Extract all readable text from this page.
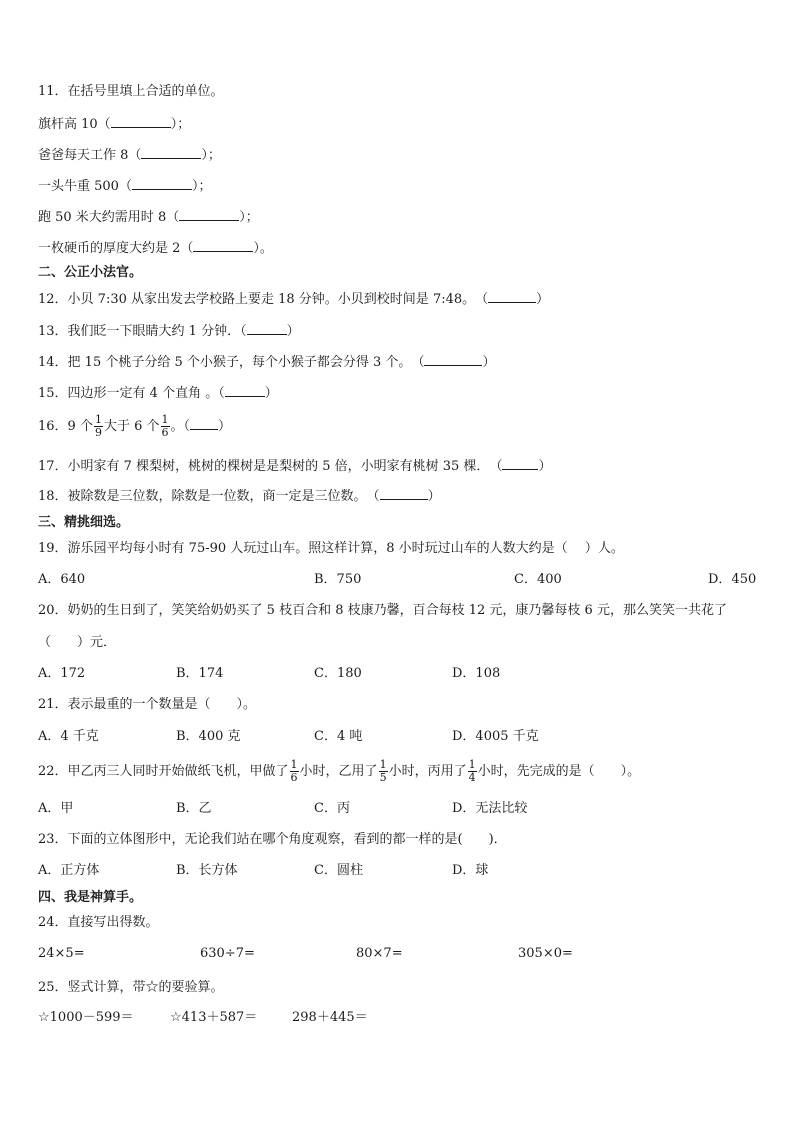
11．在括号里填上合适的单位。
旗杆高 10（	）；
爸爸每天工作 8（	）；
一头牛重 500（	）；
跑 50 米大约需用时 8（	）；
一枚硬币的厚度大约是 2（	）。
二、公正小法官。
12．小贝 7:30 从家出发去学校路上要走 18 分钟。小贝到校时间是 7:48。　 （	）
13．我们眨一下眼睛大约 1 分钟．（	）
14．把 15 个桃子分给 5 个小猴子，每个小猴子都会分得 3 个。　 （	）
15．四边形一定有 4 个直角 。（	）
16．9 个 $\frac{1}{9}$ 大于 6 个 $\frac{1}{6}$ 。（ ）
17．小明家有 7 棵梨树，桃树的棵树是是梨树的 5 倍，小明家有桃树 35 棵．　 （	）
18．被除数是三位数，除数是一位数，商一定是三位数。　 （	）
三、精挑细选。
19．游乐园平均每小时有 75-90 人玩过山车。照这样计算，8 小时玩过山车的人数大约是（　 ）人。
A．640	B．750	C．400	D．450
20．奶奶的生日到了，笑笑给奶奶买了 5 枝百合和 8 枝康乃馨，百合每枝 12 元，康乃馨每枝 6 元，那么笑笑一共花了
（　　）元．
A．172	B．174	C．180	D．108
21．表示最重的一个数量是（　　）。
A．4 千克	B．400 克	C．4 吨	D．4005 千克
22．甲乙丙三人同时开始做纸飞机，甲做了 $\frac{1}{6}$ 小时，乙用了 $\frac{1}{5}$ 小时，丙用了 $\frac{1}{4}$ 小时，先完成的是（　　）。
A．甲	B．乙	C．丙	D．无法比较
23．下面的立体图形中，无论我们站在哪个角度观察，看到的都一样的是(　　)．
A．正方体	B．长方体	C．圆柱	D．球
四、我是神算手。
24．直接写出得数。
24×5=	630÷7=	80×7=	305×0=
25．竖式计算，带☆的要验算。
☆1000－599＝	☆413＋587＝	298＋445＝
